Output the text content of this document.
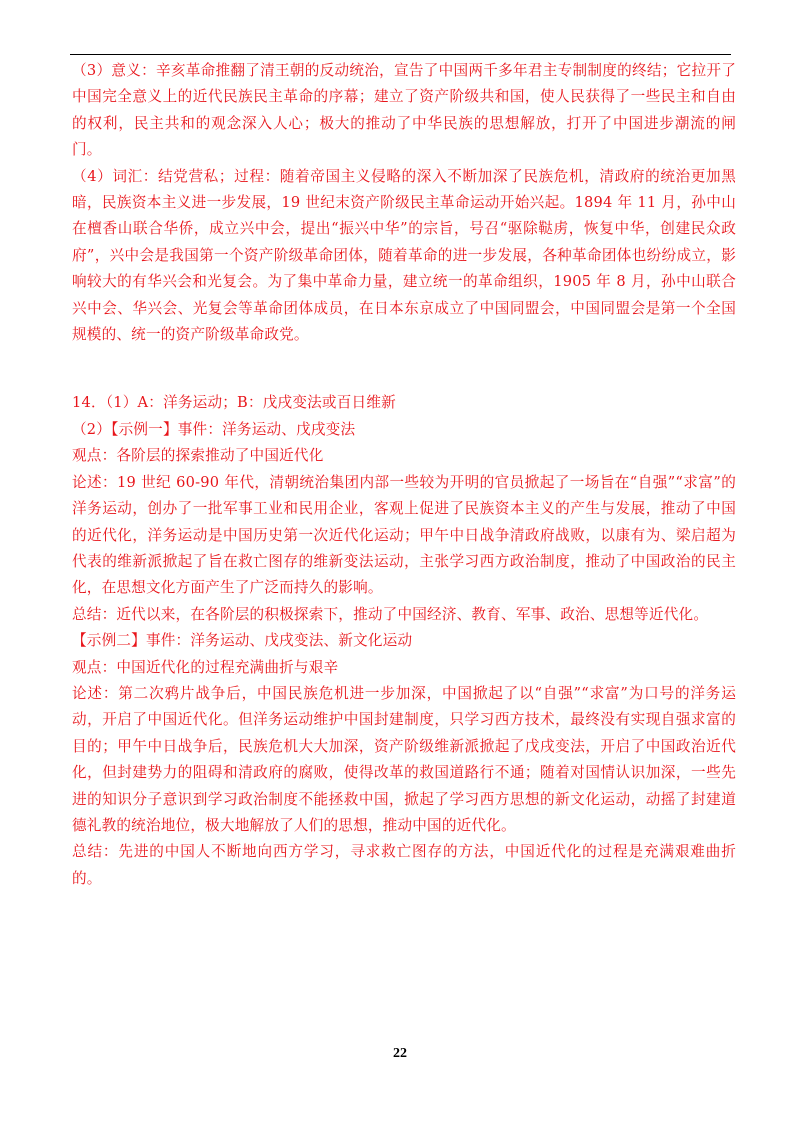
（3）意义：辛亥革命推翻了清王朝的反动统治，宣告了中国两千多年君主专制制度的终结；它拉开了中国完全意义上的近代民族民主革命的序幕；建立了资产阶级共和国，使人民获得了一些民主和自由的权利，民主共和的观念深入人心；极大的推动了中华民族的思想解放，打开了中国进步潮流的闸门。

（4）词汇：结党营私；过程：随着帝国主义侵略的深入不断加深了民族危机，清政府的统治更加黑暗，民族资本主义进一步发展，19 世纪末资产阶级民主革命运动开始兴起。1894 年 11 月，孙中山在檀香山联合华侨，成立兴中会，提出“振兴中华”的宗旨，号召“驱除鞑虏，恢复中华，创建民众政府”，兴中会是我国第一个资产阶级革命团体，随着革命的进一步发展，各种革命团体也纷纷成立，影响较大的有华兴会和光复会。为了集中革命力量，建立统一的革命组织，1905 年 8 月，孙中山联合兴中会、华兴会、光复会等革命团体成员，在日本东京成立了中国同盟会，中国同盟会是第一个全国规模的、统一的资产阶级革命政党。

14．（1）A：洋务运动；B：戊戌变法或百日维新

（2）【示例一】事件：洋务运动、戊戌变法

观点：各阶层的探索推动了中国近代化

论述：19 世纪 60-90 年代，清朝统治集团内部一些较为开明的官员掀起了一场旨在“自强”“求富”的洋务运动，创办了一批军事工业和民用企业，客观上促进了民族资本主义的产生与发展，推动了中国的近代化，洋务运动是中国历史第一次近代化运动；甲午中日战争清政府战败，以康有为、梁启超为代表的维新派掀起了旨在救亡图存的维新变法运动，主张学习西方政治制度，推动了中国政治的民主化，在思想文化方面产生了广泛而持久的影响。

总结：近代以来，在各阶层的积极探索下，推动了中国经济、教育、军事、政治、思想等近代化。

【示例二】事件：洋务运动、戊戌变法、新文化运动

观点：中国近代化的过程充满曲折与艰辛

论述：第二次鸦片战争后，中国民族危机进一步加深，中国掀起了以“自强”“求富”为口号的洋务运动，开启了中国近代化。但洋务运动维护中国封建制度，只学习西方技术，最终没有实现自强求富的目的；甲午中日战争后，民族危机大大加深，资产阶级维新派掀起了戊戌变法，开启了中国政治近代化，但封建势力的阻碍和清政府的腐败，使得改革的救国道路行不通；随着对国情认识加深，一些先进的知识分子意识到学习政治制度不能拯救中国，掀起了学习西方思想的新文化运动，动摇了封建道德礼教的统治地位，极大地解放了人们的思想，推动中国的近代化。

总结：先进的中国人不断地向西方学习，寻求救亡图存的方法，中国近代化的过程是充满艰难曲折的。

22
